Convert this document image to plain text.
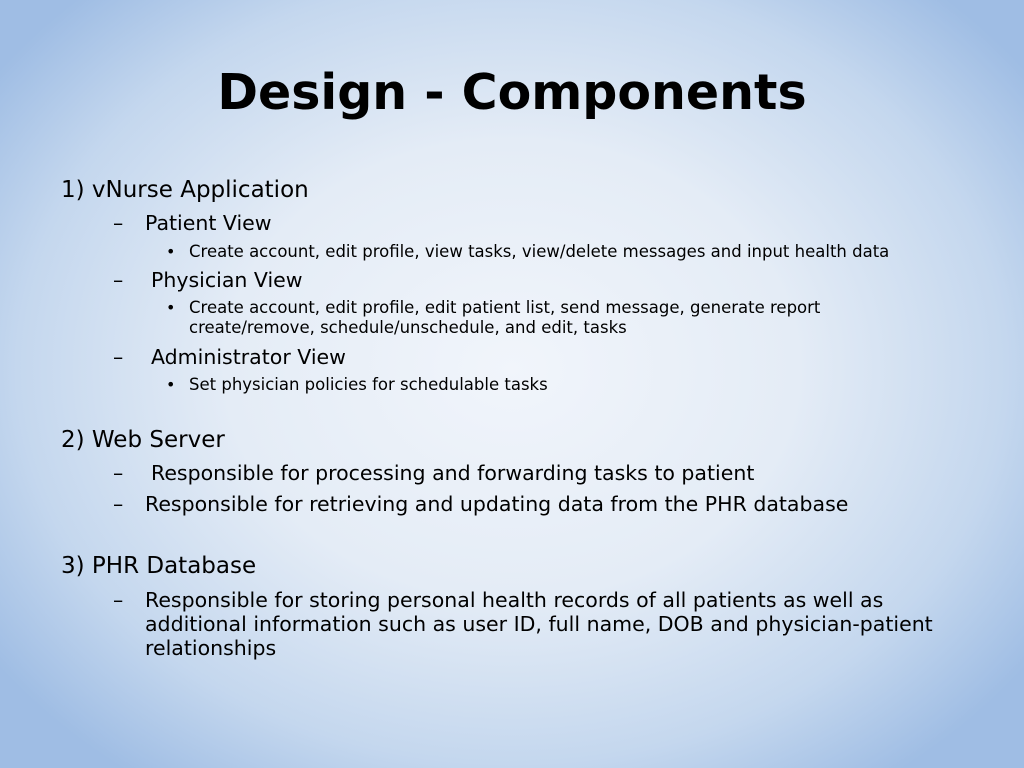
Design - Components
1) vNurse Application
– Patient View
• Create account, edit profile, view tasks, view/delete messages and input health data
– Physician View
• Create account, edit profile, edit patient list, send message, generate report create/remove, schedule/unschedule, and edit, tasks
– Administrator View
• Set physician policies for schedulable tasks
2) Web Server
– Responsible for processing and forwarding tasks to patient
– Responsible for retrieving and updating data from the PHR database
3) PHR Database
– Responsible for storing personal health records of all patients as well as additional information such as user ID, full name, DOB and physician-patient relationships
